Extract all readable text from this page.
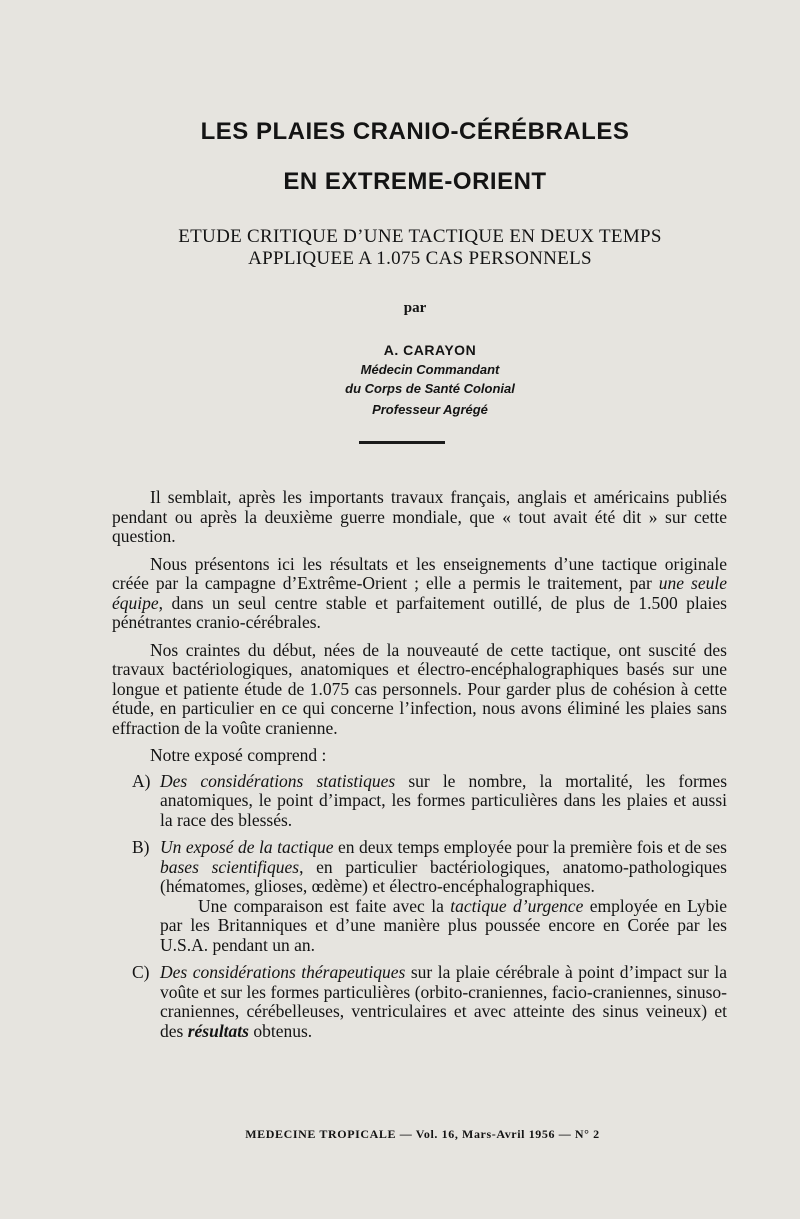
LES PLAIES CRANIO-CÉRÉBRALES
EN EXTREME-ORIENT
ETUDE CRITIQUE D’UNE TACTIQUE EN DEUX TEMPS
APPLIQUEE A 1.075 CAS PERSONNELS
par
A. CARAYON
Médecin Commandant
du Corps de Santé Colonial
Professeur Agrégé

Il semblait, après les importants travaux français, anglais et américains publiés pendant ou après la deuxième guerre mondiale, que « tout avait été dit » sur cette question.

Nous présentons ici les résultats et les enseignements d’une tactique originale créée par la campagne d’Extrême-Orient ; elle a permis le traitement, par une seule équipe, dans un seul centre stable et parfaitement outillé, de plus de 1.500 plaies pénétrantes cranio-cérébrales.

Nos craintes du début, nées de la nouveauté de cette tactique, ont suscité des travaux bactériologiques, anatomiques et électro-encéphalographiques basés sur une longue et patiente étude de 1.075 cas personnels. Pour garder plus de cohésion à cette étude, en particulier en ce qui concerne l’infection, nous avons éliminé les plaies sans effraction de la voûte cranienne.

Notre exposé comprend :

A) Des considérations statistiques sur le nombre, la mortalité, les formes anatomiques, le point d’impact, les formes particulières dans les plaies et aussi la race des blessés.
B) Un exposé de la tactique en deux temps employée pour la première fois et de ses bases scientifiques, en particulier bactériologiques, anatomo-pathologiques (hématomes, glioses, œdème) et électro-encéphalographiques.

Une comparaison est faite avec la tactique d’urgence employée en Lybie par les Britanniques et d’une manière plus poussée encore en Corée par les U.S.A. pendant un an.

C) Des considérations thérapeutiques sur la plaie cérébrale à point d’impact sur la voûte et sur les formes particulières (orbito-craniennes, facio-craniennes, sinuso-craniennes, cérébelleuses, ventriculaires et avec atteinte des sinus veineux) et des résultats obtenus.
MEDECINE TROPICALE — Vol. 16, Mars-Avril 1956 — N° 2
